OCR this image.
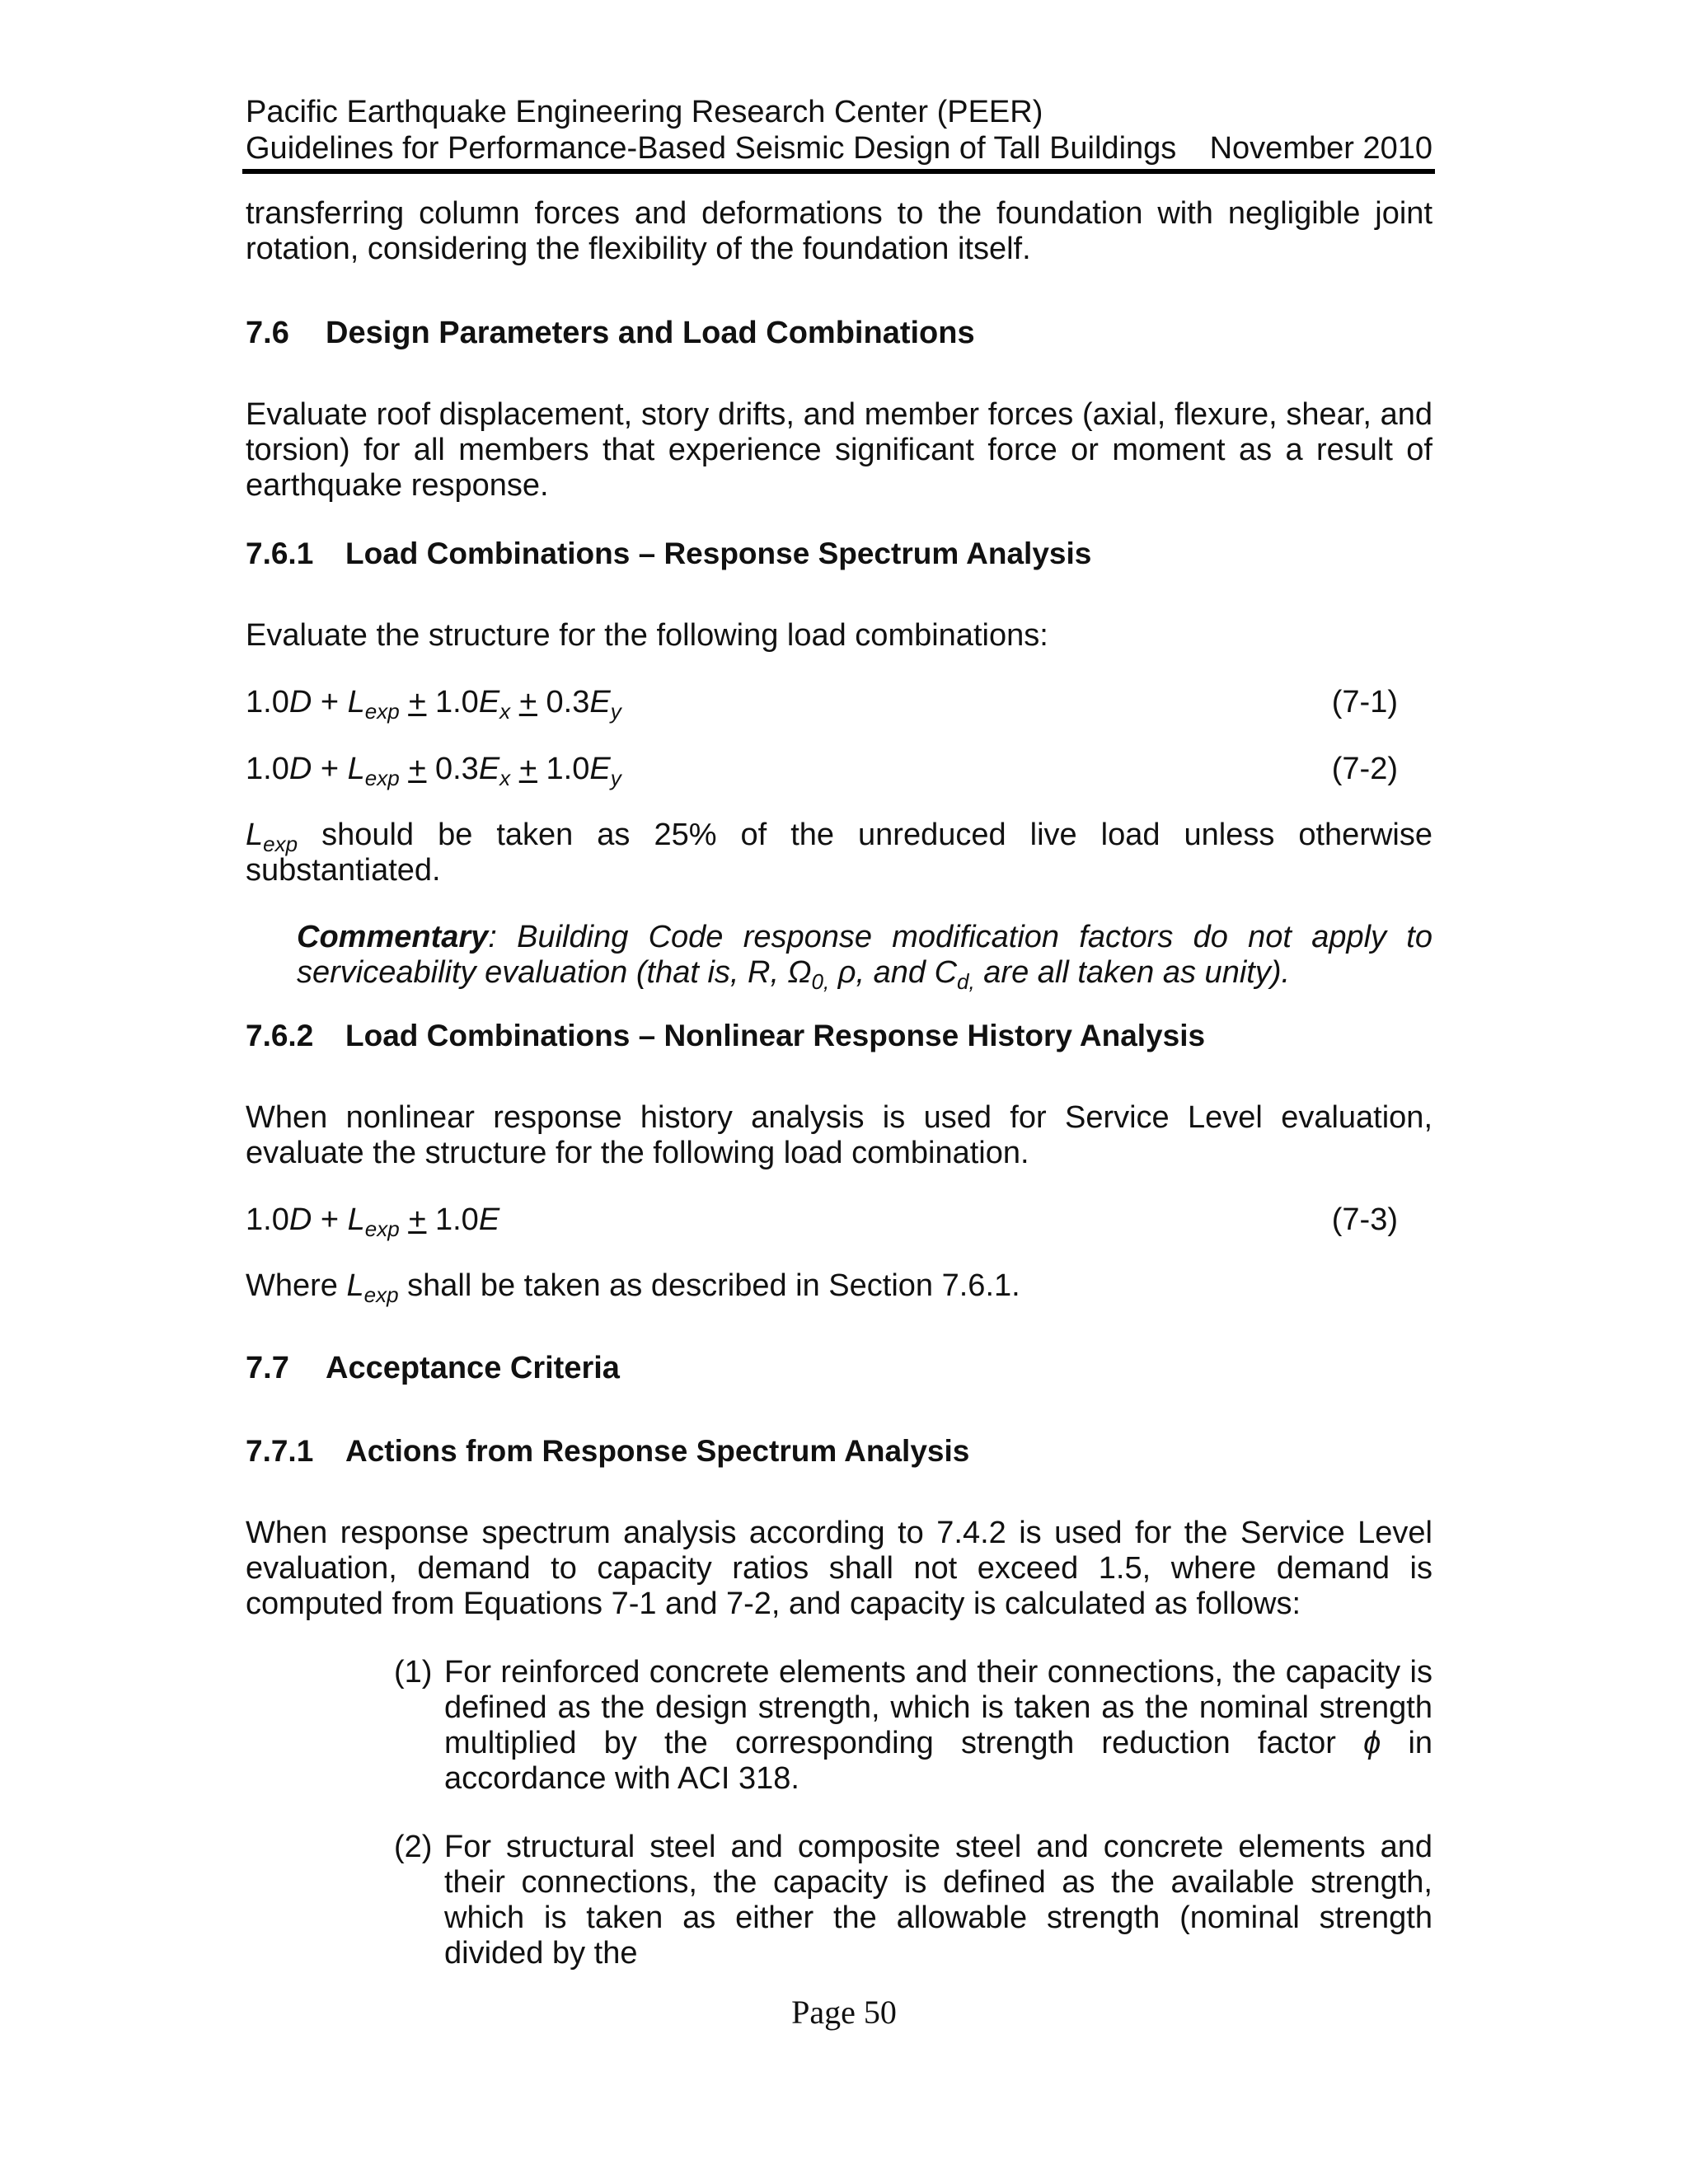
Pacific Earthquake Engineering Research Center (PEER)
Guidelines for Performance-Based Seismic Design of Tall Buildings November 2010

transferring column forces and deformations to the foundation with negligible joint rotation, considering the flexibility of the foundation itself.

7.6 Design Parameters and Load Combinations

Evaluate roof displacement, story drifts, and member forces (axial, flexure, shear, and torsion) for all members that experience significant force or moment as a result of earthquake response.

7.6.1 Load Combinations – Response Spectrum Analysis

Evaluate the structure for the following load combinations:

$1.0D + L_{exp} + 1.0E_x + 0.3E_y$	(7-1)
$1.0D + L_{exp} + 0.3E_x + 1.0E_y$	(7-2)

$L_{exp}$ should be taken as 25% of the unreduced live load unless otherwise substantiated.

Commentary: Building Code response modification factors do not apply to serviceability evaluation (that is, R, $\Omega_{0,}$ ρ, and $C_{d,}$ are all taken as unity).
7.6.2 Load Combinations – Nonlinear Response History Analysis

When nonlinear response history analysis is used for Service Level evaluation, evaluate the structure for the following load combination.

$1.0D + L_{exp} + 1.0E$	(7-3)

Where $L_{exp}$ shall be taken as described in Section 7.6.1.

7.7 Acceptance Criteria
7.7.1 Actions from Response Spectrum Analysis

When response spectrum analysis according to 7.4.2 is used for the Service Level evaluation, demand to capacity ratios shall not exceed 1.5, where demand is computed from Equations 7-1 and 7-2, and capacity is calculated as follows:

(1) For reinforced concrete elements and their connections, the capacity is defined as the design strength, which is taken as the nominal strength multiplied by the corresponding strength reduction factor ϕ in accordance with ACI 318.
(2) For structural steel and composite steel and concrete elements and their connections, the capacity is defined as the available strength, which is taken as either the allowable strength (nominal strength divided by the
Page 50
